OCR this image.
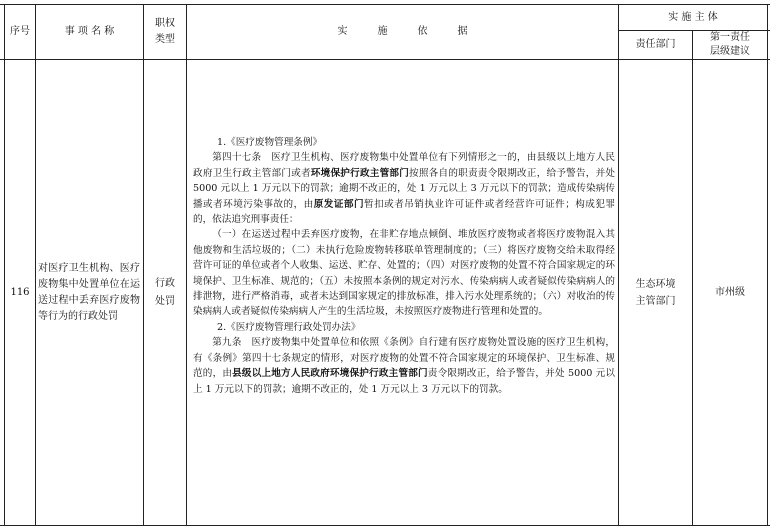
序号	事 项 名 称
职权
类型
实　　　施　　　依　　　据
实 施 主 体
责任部门
第一责任
层级建议
116
对医疗卫生机构、医疗废物集中处置单位在运送过程中丢弃医疗废物等行为的行政处罚
行政
处罚

1.《医疗废物管理条例》

第四十七条　医疗卫生机构、医疗废物集中处置单位有下列情形之一的，由县级以上地方人民政府卫生行政主管部门或者环境保护行政主管部门按照各自的职责责令限期改正，给予警告，并处 5000 元以上 1 万元以下的罚款；逾期不改正的，处 1 万元以上 3 万元以下的罚款；造成传染病传播或者环境污染事故的，由原发证部门暂扣或者吊销执业许可证件或者经营许可证件；构成犯罪的，依法追究刑事责任：

（一）在运送过程中丢弃医疗废物，在非贮存地点倾倒、堆放医疗废物或者将医疗废物混入其他废物和生活垃圾的；（二）未执行危险废物转移联单管理制度的；（三）将医疗废物交给未取得经营许可证的单位或者个人收集、运送、贮存、处置的；（四）对医疗废物的处置不符合国家规定的环境保护、卫生标准、规范的；（五）未按照本条例的规定对污水、传染病病人或者疑似传染病病人的排泄物，进行严格消毒，或者未达到国家规定的排放标准，排入污水处理系统的；（六）对收治的传染病病人或者疑似传染病病人产生的生活垃圾，未按照医疗废物进行管理和处置的。

2.《医疗废物管理行政处罚办法》

第九条　医疗废物集中处置单位和依照《条例》自行建有医疗废物处置设施的医疗卫生机构，有《条例》第四十七条规定的情形，对医疗废物的处置不符合国家规定的环境保护、卫生标准、规范的，由县级以上地方人民政府环境保护行政主管部门责令限期改正，给予警告，并处 5000 元以上 1 万元以下的罚款；逾期不改正的，处 1 万元以上 3 万元以下的罚款。

生态环境
主管部门
市州级
